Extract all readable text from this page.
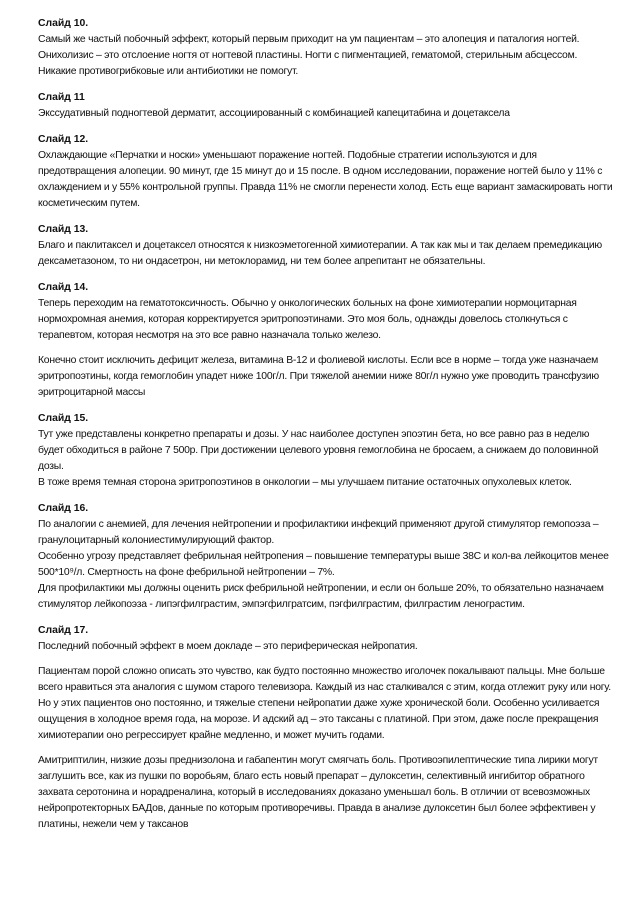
Слайд 10.

Самый же частый побочный эффект, который первым приходит на ум пациентам – это алопеция и паталогия ногтей. Онихолизис – это отслоение ногтя от ногтевой пластины. Ногти с пигментацией, гематомой, стерильным абсцессом. Никакие противогрибковые или антибиотики не помогут.

Слайд 11

Экссудативный подногтевой дерматит, ассоциированный с комбинацией капецитабина и доцетаксела

Слайд 12.

Охлаждающие «Перчатки и носки» уменьшают поражение ногтей. Подобные стратегии используются и для предотвращения алопеции. 90 минут, где 15 минут до и 15 после. В одном исследовании, поражение ногтей было у 11% с охлаждением и у 55% контрольной группы. Правда 11% не смогли перенести холод. Есть еще вариант замаскировать ногти косметическим путем.

Слайд 13.

Благо и паклитаксел и доцетаксел относятся к низкоэметогенной химиотерапии. А так как мы и так делаем премедикацию дексаметазоном, то ни ондасетрон, ни метоклорамид, ни тем более апрепитант не обязательны.

Слайд 14.

Теперь переходим на гематотоксичность. Обычно у онкологических больных на фоне химиотерапии нормоцитарная нормохромная анемия, которая корректируется эритропоэтинами. Это моя боль, однажды довелось столкнуться с терапевтом, которая несмотря на это все равно назначала только железо.

Конечно стоит исключить дефицит железа, витамина B-12 и фолиевой кислоты. Если все в норме – тогда уже назначаем эритропоэтины, когда гемоглобин упадет ниже 100г/л. При тяжелой анемии ниже 80г/л нужно уже проводить трансфузию эритроцитарной массы

Слайд 15.

Тут уже представлены конкретно препараты и дозы. У нас наиболее доступен эпоэтин бета, но все равно раз в неделю будет обходиться в районе 7 500р. При достижении целевого уровня гемоглобина не бросаем, а снижаем до половинной дозы.

В тоже время темная сторона эритропоэтинов в онкологии – мы улучшаем питание остаточных опухолевых клеток.

Слайд 16.

По аналогии с анемией, для лечения нейтропении и профилактики инфекций применяют другой стимулятор гемопоэза – гранулоцитарный колониестимулирующий фактор.

Особенно угрозу представляет фебрильная нейтропения – повышение температуры выше 38С и кол-ва лейкоцитов менее 500*10⁹/л. Смертность на фоне фебрильной нейтропении – 7%.

Для профилактики мы должны оценить риск фебрильной нейтропении, и если он больше 20%, то обязательно назначаем стимулятор лейкопоэза - липэгфилграстим, эмпэгфилгратсим, пэгфилграстим, филграстим ленограстим.

Слайд 17.

Последний побочный эффект в моем докладе – это периферическая нейропатия.

Пациентам порой сложно описать это чувство, как будто постоянно множество иголочек покалывают пальцы. Мне больше всего нравиться эта аналогия с шумом старого телевизора. Каждый из нас сталкивался с этим, когда отлежит руку или ногу. Но у этих пациентов оно постоянно, и тяжелые степени нейропатии даже хуже хронической боли. Особенно усиливается ощущения в холодное время года, на морозе. И адский ад – это таксаны с платиной. При этом, даже после прекращения химиотерапии оно регрессирует крайне медленно, и может мучить годами.

Амитриптилин, низкие дозы преднизолона и габапентин могут смягчать боль. Противоэпилептические типа лирики могут заглушить все, как из пушки по воробьям, благо есть новый препарат – дулоксетин, селективный ингибитор обратного захвата серотонина и норадреналина, который в исследованиях доказано уменьшал боль. В отличии от всевозможных нейропротекторных БАДов, данные по которым противоречивы. Правда в анализе дулоксетин был более эффективен у платины, нежели чем у таксанов
